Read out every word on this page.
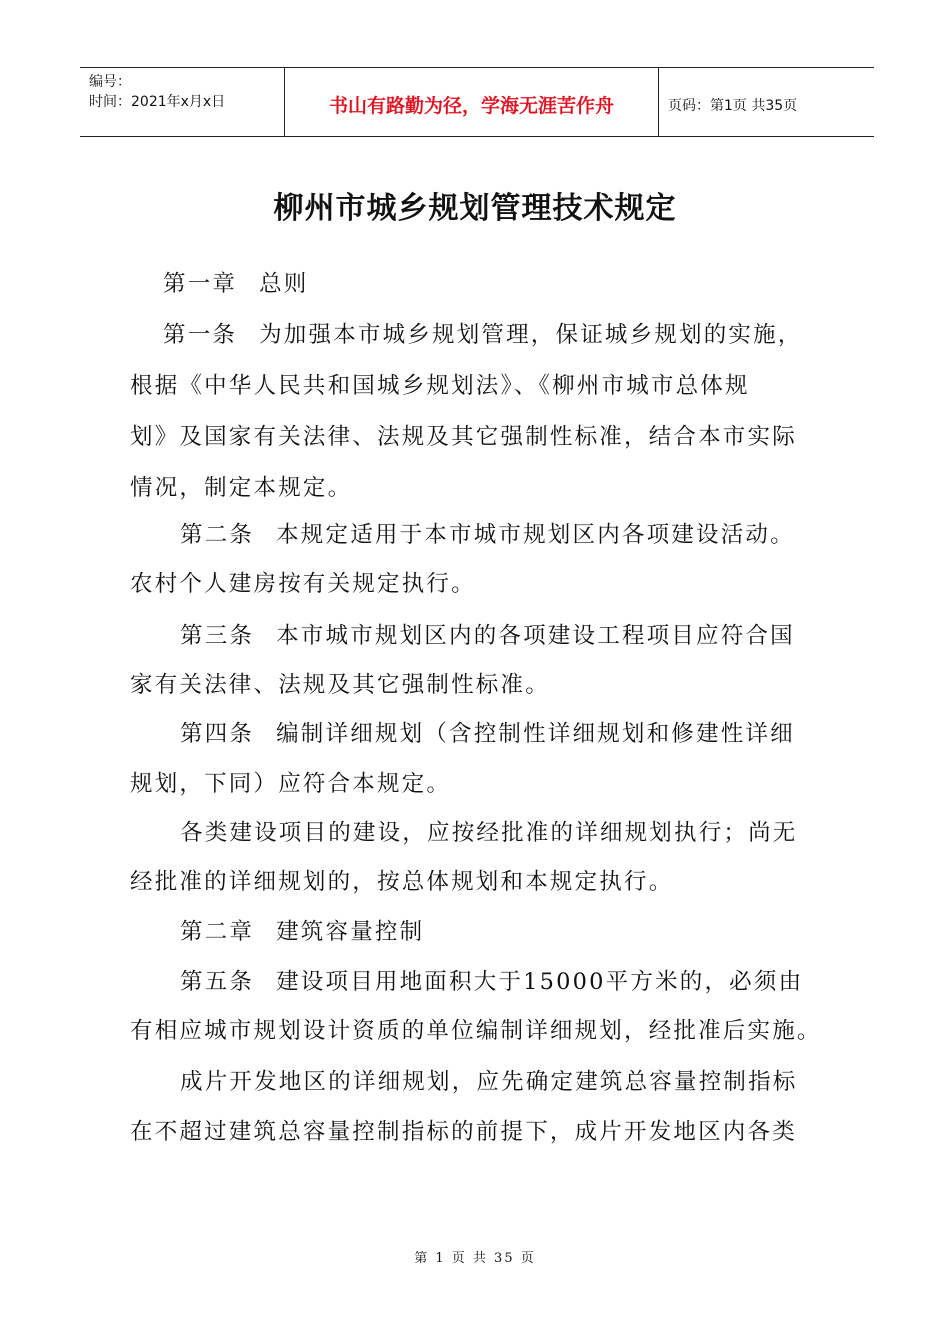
编号：
时间：2021年x月x日	书山有路勤为径，学海无涯苦作舟	页码：第1页 共35页
柳州市城乡规划管理技术规定
第一章 总则
第一条 为加强本市城乡规划管理，保证城乡规划的实施，
根据《中华人民共和国城乡规划法》、《柳州市城市总体规
划》及国家有关法律、法规及其它强制性标准，结合本市实际
情况，制定本规定。
第二条 本规定适用于本市城市规划区内各项建设活动。
农村个人建房按有关规定执行。
第三条 本市城市规划区内的各项建设工程项目应符合国
家有关法律、法规及其它强制性标准。
第四条 编制详细规划（含控制性详细规划和修建性详细
规划，下同）应符合本规定。
各类建设项目的建设，应按经批准的详细规划执行；尚无
经批准的详细规划的，按总体规划和本规定执行。
第二章 建筑容量控制
第五条 建设项目用地面积大于15000平方米的，必须由
有相应城市规划设计资质的单位编制详细规划，经批准后实施。
成片开发地区的详细规划，应先确定建筑总容量控制指标
在不超过建筑总容量控制指标的前提下，成片开发地区内各类
第 1 页 共 35 页
